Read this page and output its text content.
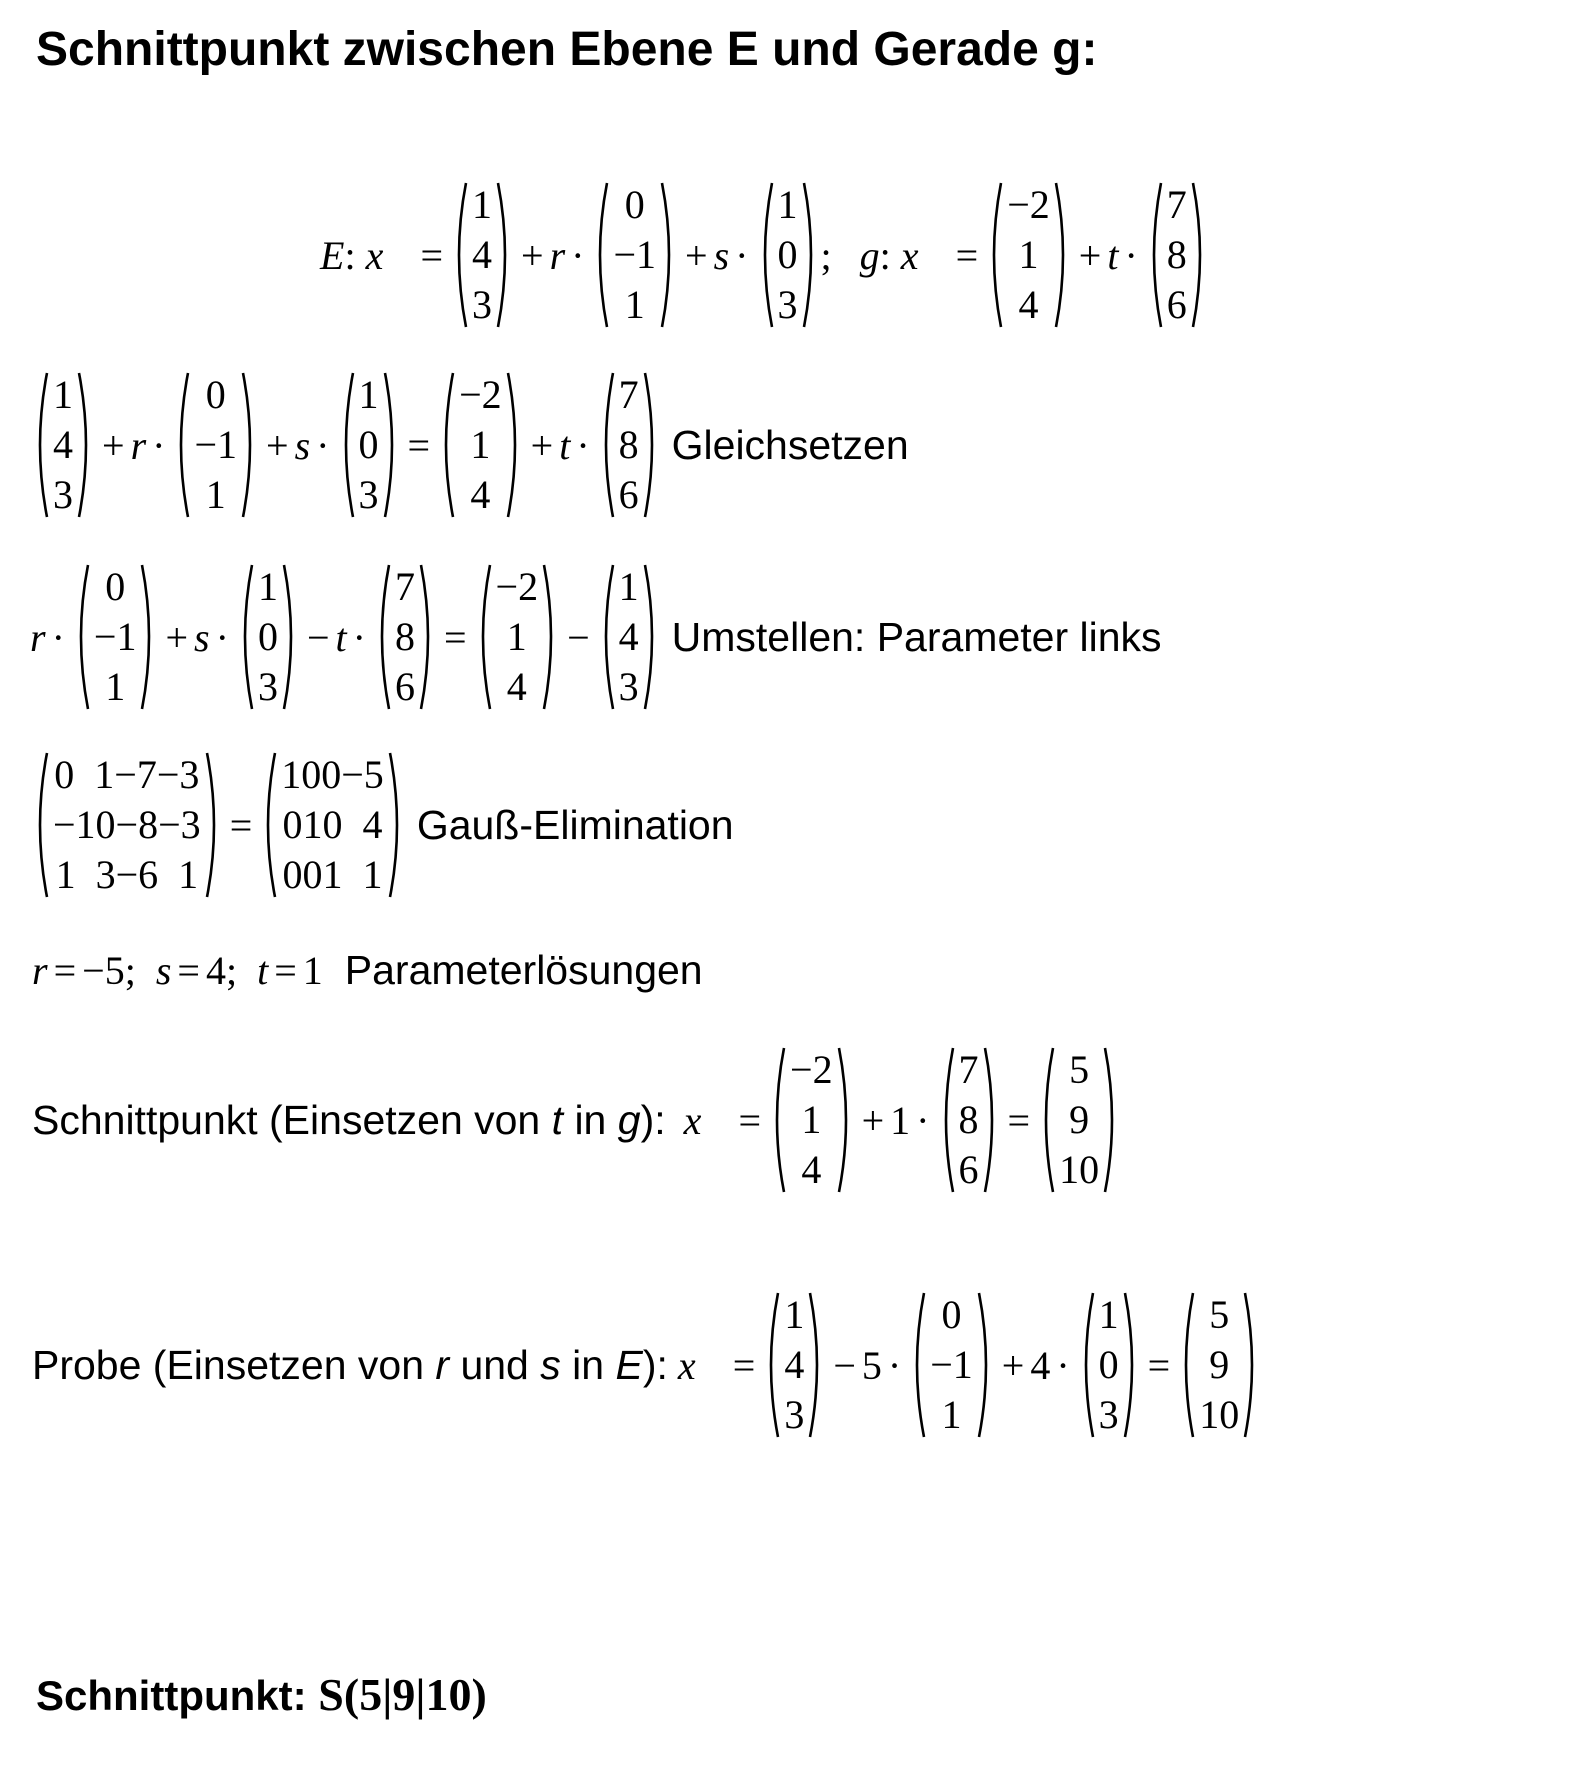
Schnittpunkt zwischen Ebene E und Gerade g:
E : x⃗ =
1
4
3
+ r ·
0
−1
1
+ s ·
1
0
3
; g : x⃗ =
−2
1
4
+ t ·
7
8
6
1
4
3
+ r ·
0
−1
1
+ s ·
1
0
3
=
−2
1
4
+ t ·
7
8
6
Gleichsetzen
r ·
0
−1
1
+ s ·
1
0
3
− t ·
7
8
6
=
−2
1
4
−
1
4
3
Umstellen: Parameter links
0  1−7−3
−10−8−3
1  3−6  1
=
100−5
010  4
001  1
Gauß-Elimination
r = −5 ; s = 4 ; t = 1 Parameterlösungen
Schnittpunkt (Einsetzen von t in g): x⃗ =
−2
1
4
+ 1 ·
7
8
6
=
5
9
10
Probe (Einsetzen von r und s in E): x⃗ =
1
4
3
− 5 ·
0
−1
1
+ 4 ·
1
0
3
=
5
9
10
Schnittpunkt: S(5|9|10)
